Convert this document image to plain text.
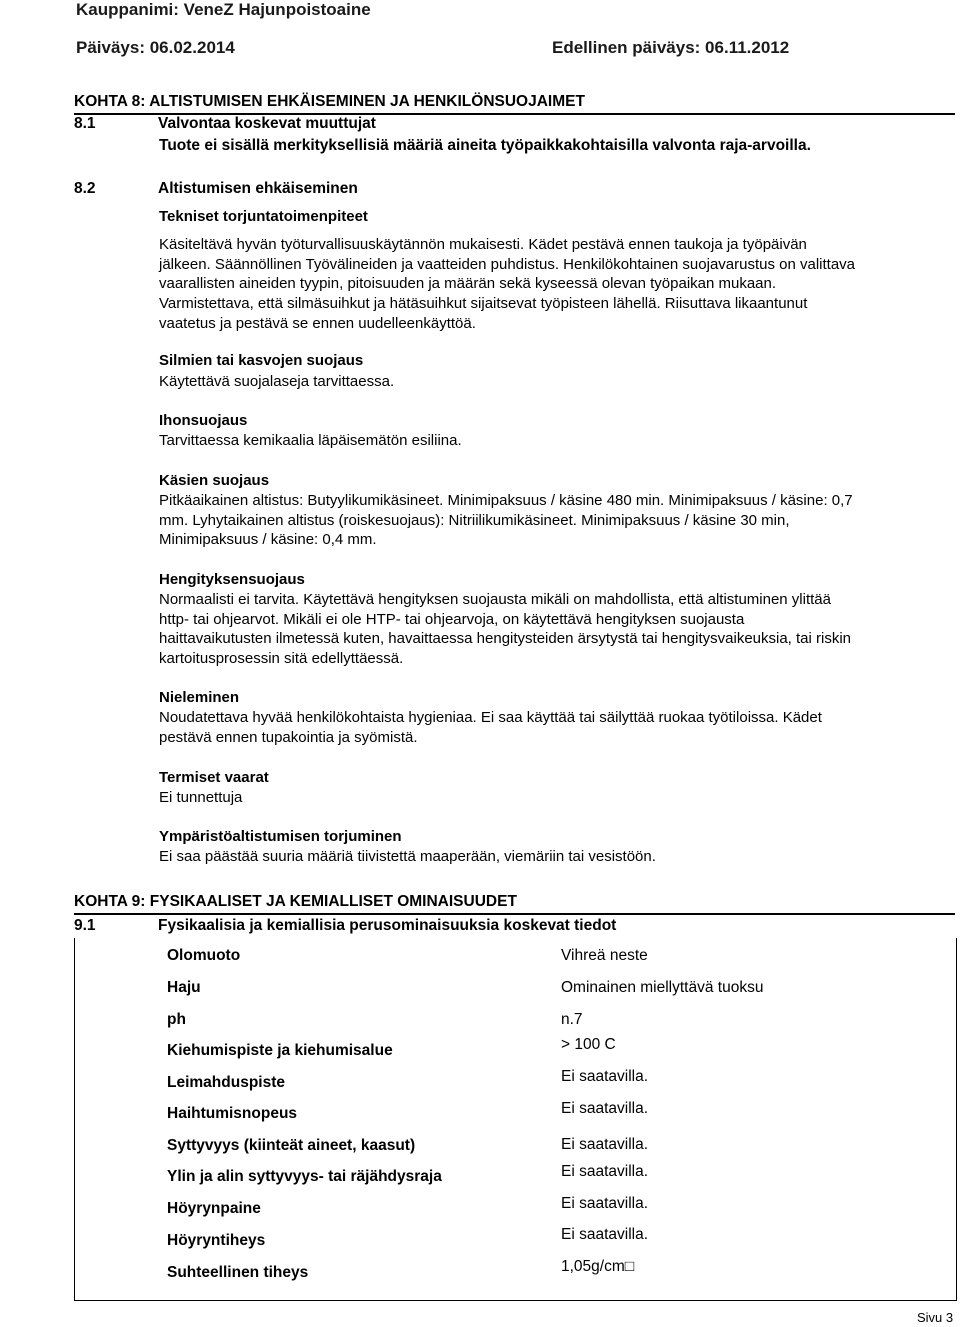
Kauppanimi: VeneZ Hajunpoistoaine
Päiväys: 06.02.2014	Edellinen päiväys: 06.11.2012
KOHTA 8: ALTISTUMISEN EHKÄISEMINEN JA HENKILÖNSUOJAIMET
8.1	Valvontaa koskevat muuttujat
Tuote ei sisällä merkityksellisiä määriä aineita työpaikkakohtaisilla valvonta raja-arvoilla.
8.2	Altistumisen ehkäiseminen
Tekniset torjuntatoimenpiteet
Käsiteltävä hyvän työturvallisuuskäytännön mukaisesti. Kädet pestävä ennen taukoja ja työpäivän
jälkeen. Säännöllinen Työvälineiden ja vaatteiden puhdistus. Henkilökohtainen suojavarustus on valittava
vaarallisten aineiden tyypin, pitoisuuden ja määrän sekä kyseessä olevan työpaikan mukaan.
Varmistettava, että silmäsuihkut ja hätäsuihkut sijaitsevat työpisteen lähellä. Riisuttava likaantunut
vaatetus ja pestävä se ennen uudelleenkäyttöä.
Silmien tai kasvojen suojaus
Käytettävä suojalaseja tarvittaessa.
Ihonsuojaus
Tarvittaessa kemikaalia läpäisemätön esiliina.
Käsien suojaus
Pitkäaikainen altistus: Butyylikumikäsineet. Minimipaksuus / käsine 480 min. Minimipaksuus / käsine: 0,7
mm. Lyhytaikainen altistus (roiskesuojaus): Nitriilikumikäsineet. Minimipaksuus / käsine 30 min,
Minimipaksuus / käsine: 0,4 mm.
Hengityksensuojaus
Normaalisti ei tarvita. Käytettävä hengityksen suojausta mikäli on mahdollista, että altistuminen ylittää
http- tai ohjearvot. Mikäli ei ole HTP- tai ohjearvoja, on käytettävä hengityksen suojausta
haittavaikutusten ilmetessä kuten, havaittaessa hengitysteiden ärsytystä tai hengitysvaikeuksia, tai riskin
kartoitusprosessin sitä edellyttäessä.
Nieleminen
Noudatettava hyvää henkilökohtaista hygieniaa. Ei saa käyttää tai säilyttää ruokaa työtiloissa. Kädet
pestävä ennen tupakointia ja syömistä.
Termiset vaarat
Ei tunnettuja
Ympäristöaltistumisen torjuminen
Ei saa päästää suuria määriä tiivistettä maaperään, viemäriin tai vesistöön.
KOHTA 9: FYSIKAALISET JA KEMIALLISET OMINAISUUDET
9.1	Fysikaalisia ja kemiallisia perusominaisuuksia koskevat tiedot
Olomuoto	Vihreä neste
Haju	Ominainen miellyttävä tuoksu
ph	n.7
Kiehumispiste ja kiehumisalue	> 100 C
Leimahduspiste	Ei saatavilla.
Haihtumisnopeus	Ei saatavilla.
Syttyvyys (kiinteät aineet, kaasut)	Ei saatavilla.
Ylin ja alin syttyvyys- tai räjähdysraja	Ei saatavilla.
Höyrynpaine	Ei saatavilla.
Höyryntiheys	Ei saatavilla.
Suhteellinen tiheys	1,05g/cm□
Sivu 3
